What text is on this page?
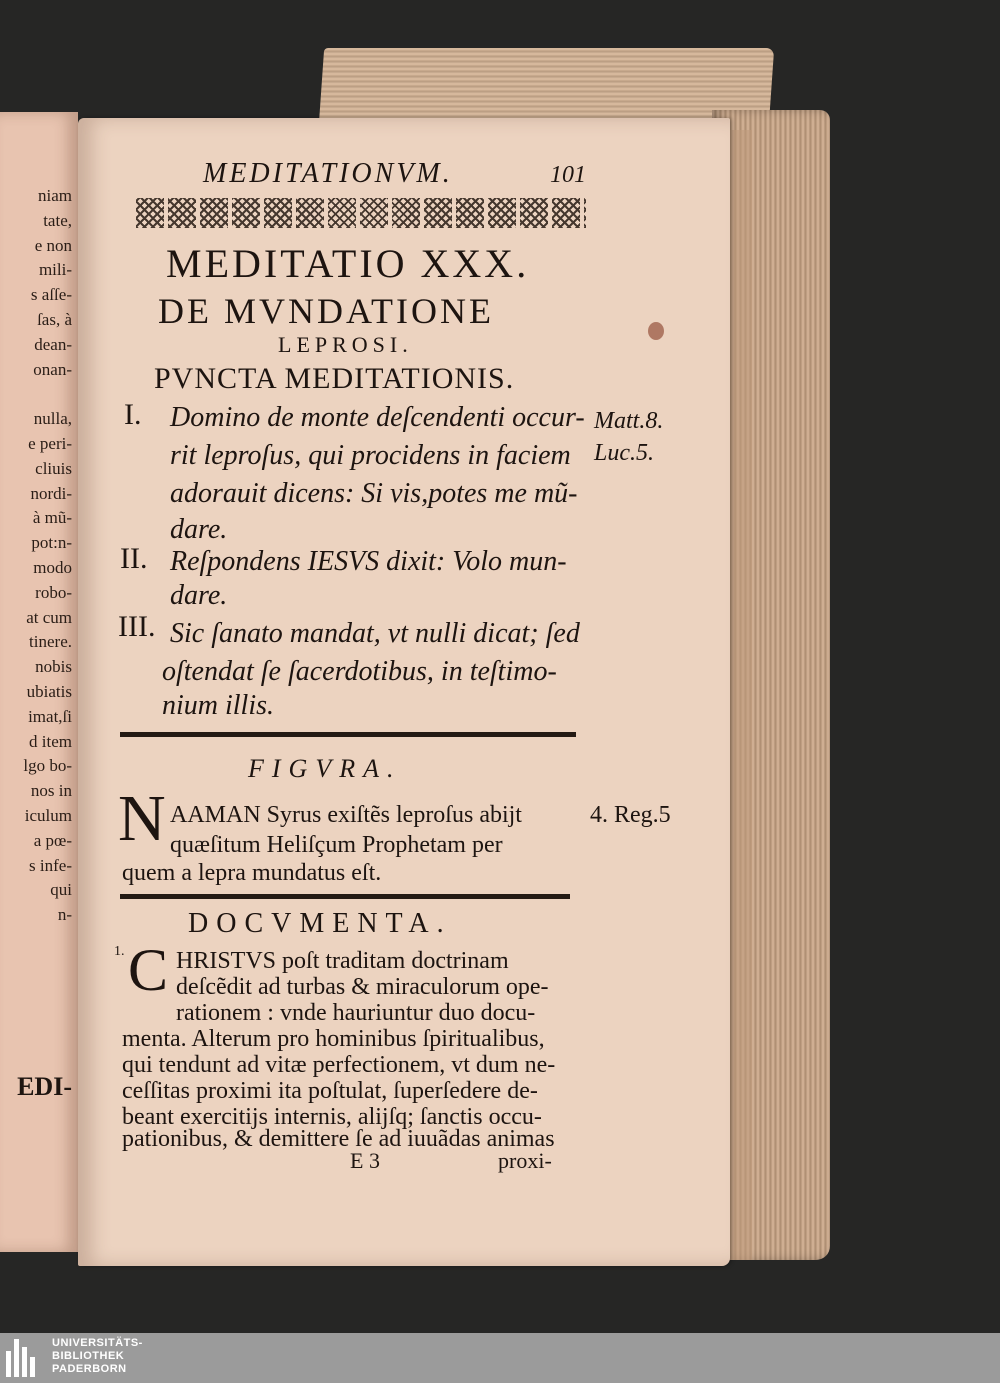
niam
tate,
e non
mili-
s aſſe-
ſas, à
dean-
onan-
nulla,
e peri-
cliuis
nordi-
à mũ-
pot:n-
modo
robo-
at cum
tinere.
nobis
ubiatis
imat,ſi
d item
lgo bo-
nos in
iculum
a pœ-
s infe-
qui
n-
EDI-
MEDITATIONVM.	101
MEDITATIO XXX.
DE MVNDATIONE
LEPROSI.
PVNCTA MEDITATIONIS.
I. Domino de monte deſcendenti occur-
rit leproſus, qui procidens in faciem
adorauit dicens: Si vis,potes me mũ-
dare.
Matt.8.
Luc.5.
II. Reſpondens IESVS dixit: Volo mun-
dare.
III. Sic ſanato mandat, vt nulli dicat; ſed
oſtendat ſe ſacerdotibus, in teſtimo-
nium illis.
FIGVRA.
N AAMAN Syrus exiſtẽs leproſus abijt
quæſitum Heliſçum Prophetam per
quem a lepra mundatus eſt.
4. Reg.5
DOCVMENTA.
1. C HRISTVS poſt traditam doctrinam
deſcẽdit ad turbas & miraculorum ope-
rationem : vnde hauriuntur duo docu-
menta. Alterum pro hominibus ſpiritualibus,
qui tendunt ad vitæ perfectionem, vt dum ne-
ceſſitas proximi ita poſtulat, ſuperſedere de-
beant exercitijs internis, alijſq; ſanctis occu-
pationibus, & demittere ſe ad iuuãdas animas
E 3	proxi-
UNIVERSITÄTS-
BIBLIOTHEK
PADERBORN
